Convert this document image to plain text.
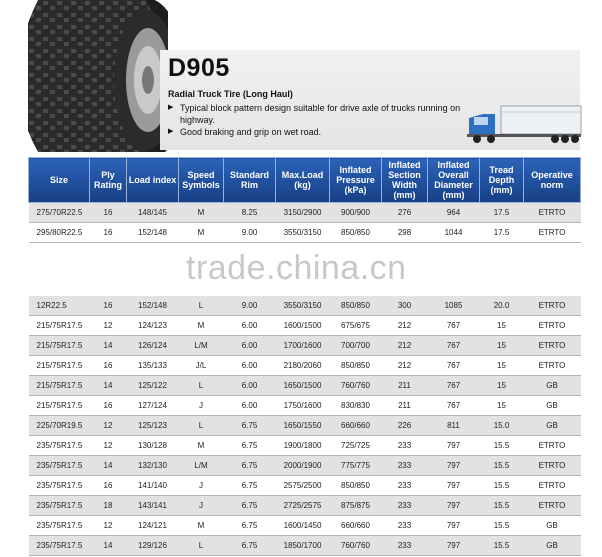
D905
Radial Truck Tire (Long Haul)
▶ Typical block pattern design suitable for drive axle of trucks running on highway.
▶ Good braking and grip on wet road.
Size	Ply Rating	Load index	Speed Symbols	Standard Rim	Max.Load (kg)	Inflated Pressure (kPa)	Inflated Section Width (mm)	Inflated Overall Diameter (mm)	Tread Depth (mm)	Operative norm
275/70R22.5	16	148/145	M	8.25	3150/2900	900/900	276	964	17.5	ETRTO
295/80R22.5	16	152/148	M	9.00	3550/3150	850/850	298	1044	17.5	ETRTO

12R22.5	16	152/148	L	9.00	3550/3150	850/850	300	1085	20.0	ETRTO
215/75R17.5	12	124/123	M	6.00	1600/1500	675/675	212	767	15	ETRTO
215/75R17.5	14	126/124	L/M	6.00	1700/1600	700/700	212	767	15	ETRTO
215/75R17.5	16	135/133	J/L	6.00	2180/2060	850/850	212	767	15	ETRTO
215/75R17.5	14	125/122	L	6.00	1650/1500	760/760	211	767	15	GB
215/75R17.5	16	127/124	J	6.00	1750/1600	830/830	211	767	15	GB
225/70R19.5	12	125/123	L	6.75	1650/1550	660/660	226	811	15.0	GB
235/75R17.5	12	130/128	M	6.75	1900/1800	725/725	233	797	15.5	ETRTO
235/75R17.5	14	132/130	L/M	6.75	2000/1900	775/775	233	797	15.5	ETRTO
235/75R17.5	16	141/140	J	6.75	2575/2500	850/850	233	797	15.5	ETRTO
235/75R17.5	18	143/141	J	6.75	2725/2575	875/875	233	797	15.5	ETRTO
235/75R17.5	12	124/121	M	6.75	1600/1450	660/660	233	797	15.5	GB
235/75R17.5	14	129/126	L	6.75	1850/1700	760/760	233	797	15.5	GB
trade.china.cn
